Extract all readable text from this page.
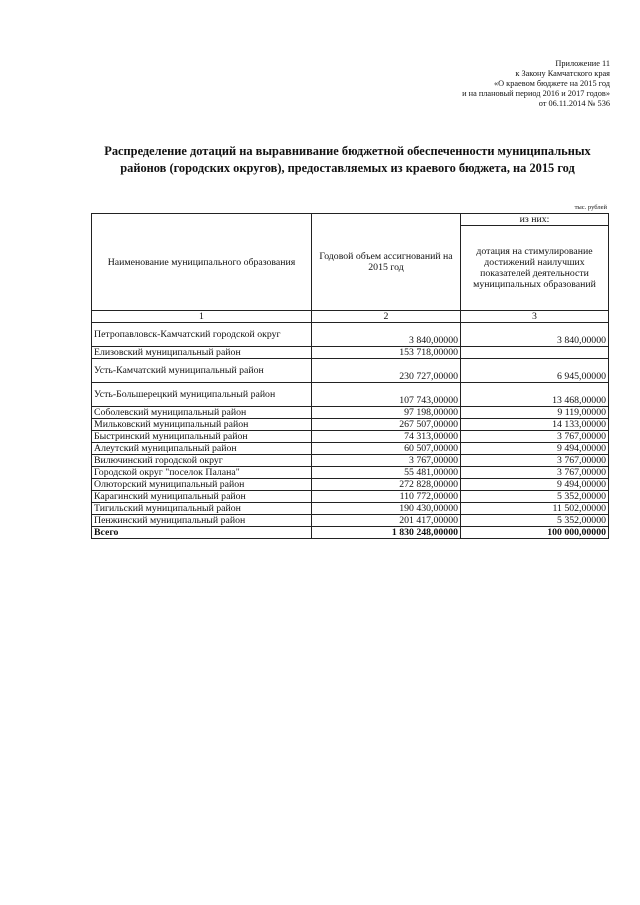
Приложение 11
к Закону Камчатского края
«О краевом бюджете на 2015 год
и на плановый период 2016 и 2017 годов»
от 06.11.2014 № 536
Распределение дотаций на выравнивание бюджетной обеспеченности муниципальных
районов (городских округов), предоставляемых из краевого бюджета, на 2015 год
тыс. рублей
Наименование муниципального образования	Годовой объем ассигнований на 2015 год	из них:
		дотация на стимулирование достижений наилучших показателей деятельности муниципальных образований
1	2	3
Петропавловск-Камчатский городской округ	3 840,00000	3 840,00000
Елизовский муниципальный район	153 718,00000	
Усть-Камчатский муниципальный район	230 727,00000	6 945,00000
Усть-Большерецкий муниципальный район	107 743,00000	13 468,00000
Соболевский муниципальный район	97 198,00000	9 119,00000
Мильковский муниципальный район	267 507,00000	14 133,00000
Быстринский муниципальный район	74 313,00000	3 767,00000
Алеутский муниципальный район	60 507,00000	9 494,00000
Вилючинский городской округ	3 767,00000	3 767,00000
Городской округ "поселок Палана"	55 481,00000	3 767,00000
Олюторский муниципальный район	272 828,00000	9 494,00000
Карагинский муниципальный район	110 772,00000	5 352,00000
Тигильский муниципальный район	190 430,00000	11 502,00000
Пенжинский муниципальный район	201 417,00000	5 352,00000
Всего	1 830 248,00000	100 000,00000
